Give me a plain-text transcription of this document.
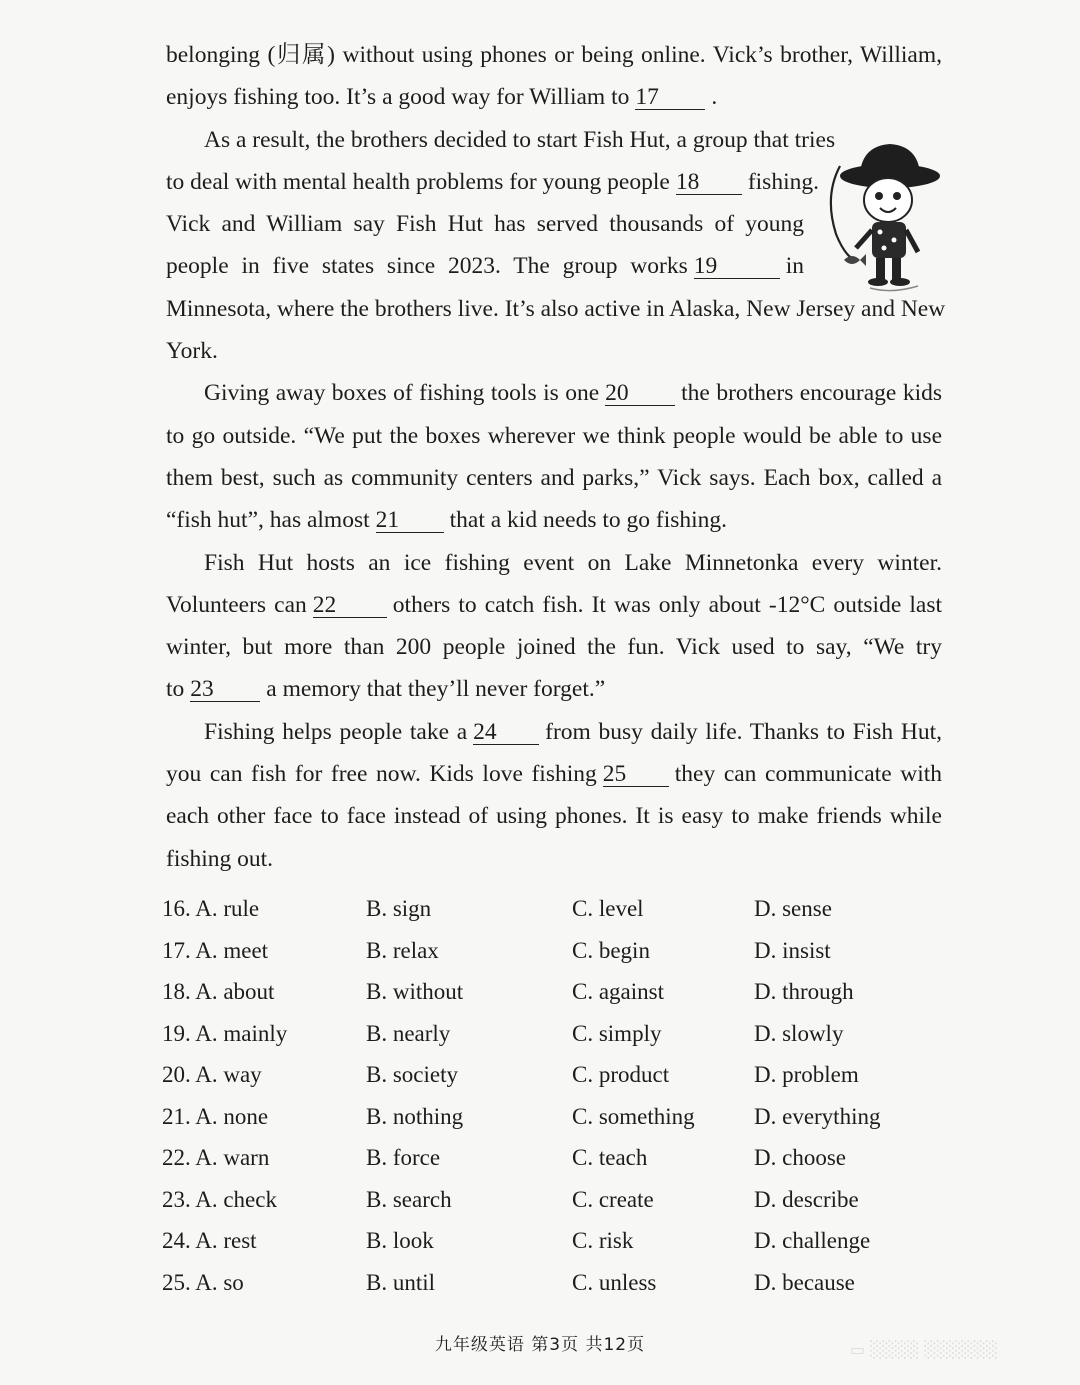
belonging (归属) without using phones or being online. Vick’s brother, William,
enjoys fishing too. It’s a good way for William to 17 .
As a result, the brothers decided to start Fish Hut, a group that tries
to deal with mental health problems for young people 18 fishing.
Vick and William say Fish Hut has served thousands of young
people in five states since 2023. The group works 19	in
Minnesota, where the brothers live. It’s also active in Alaska, New Jersey and New
York.
Giving away boxes of fishing tools is one 20 the brothers encourage kids
to go outside. “We put the boxes wherever we think people would be able to use
them best, such as community centers and parks,” Vick says. Each box, called a
“fish hut”, has almost 21 that a kid needs to go fishing.
Fish Hut hosts an ice fishing event on Lake Minnetonka every winter.
Volunteers can 22 others to catch fish. It was only about -12°C outside last
winter, but more than 200 people joined the fun. Vick used to say, “We try
to 23 a memory that they’ll never forget.”
Fishing helps people take a 24 from busy daily life. Thanks to Fish Hut,
you can fish for free now. Kids love fishing 25 they can communicate with
each other face to face instead of using phones. It is easy to make friends while
fishing out.
16. A. rule	B. sign	C. level	D. sense
17. A. meet	B. relax	C. begin	D. insist
18. A. about	B. without	C. against	D. through
19. A. mainly	B. nearly	C. simply	D. slowly
20. A. way	B. society	C. product	D. problem
21. A. none	B. nothing	C. something	D. everything
22. A. warn	B. force	C. teach	D. choose
23. A. check	B. search	C. create	D. describe
24. A. rest	B. look	C. risk	D. challenge
25. A. so	B. until	C. unless	D. because
九年级英语 第3页 共12页	▭ ░░░░ ░░░░░░
